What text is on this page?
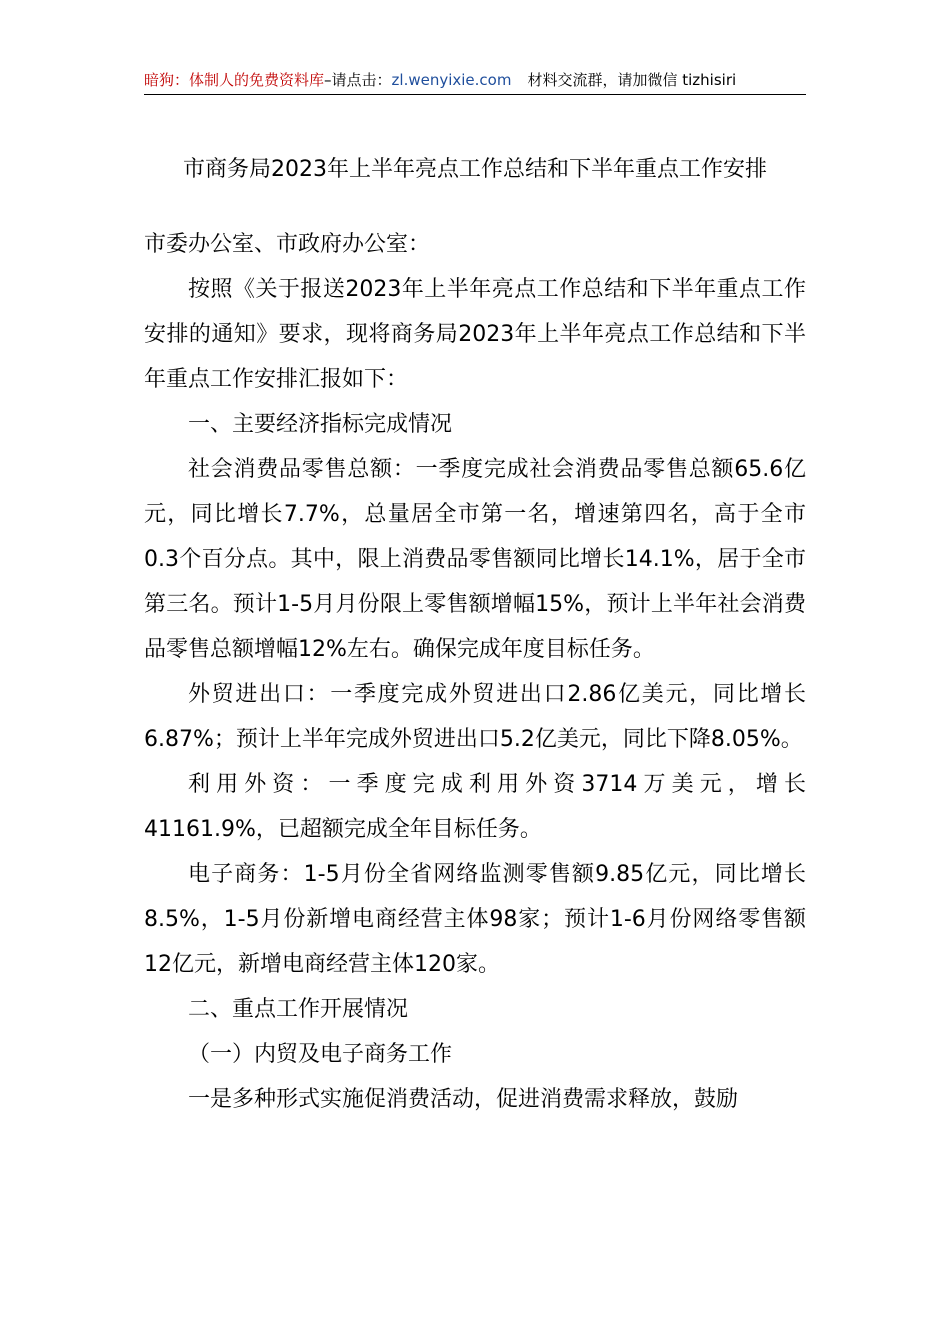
暗狗：体制人的免费资料库–请点击：zl.wenyixie.com 材料交流群，请加微信 tizhisiri
市商务局2023年上半年亮点工作总结和下半年重点工作安排

市委办公室、市政府办公室：

按照《关于报送2023年上半年亮点工作总结和下半年重点工作安排的通知》要求，现将商务局2023年上半年亮点工作总结和下半年重点工作安排汇报如下：

一、主要经济指标完成情况

社会消费品零售总额：一季度完成社会消费品零售总额65.6亿元，同比增长7.7%，总量居全市第一名，增速第四名，高于全市0.3个百分点。其中，限上消费品零售额同比增长14.1%，居于全市第三名。预计1-5月月份限上零售额增幅15%，预计上半年社会消费品零售总额增幅12%左右。确保完成年度目标任务。

外贸进出口：一季度完成外贸进出口2.86亿美元，同比增长6.87%；预计上半年完成外贸进出口5.2亿美元，同比下降8.05%。

利用外资：一季度完成利用外资3714万美元，增长41161.9%，已超额完成全年目标任务。

电子商务：1-5月份全省网络监测零售额9.85亿元，同比增长8.5%，1-5月份新增电商经营主体98家；预计1-6月份网络零售额12亿元，新增电商经营主体120家。

二、重点工作开展情况

（一）内贸及电子商务工作

一是多种形式实施促消费活动，促进消费需求释放，鼓励
